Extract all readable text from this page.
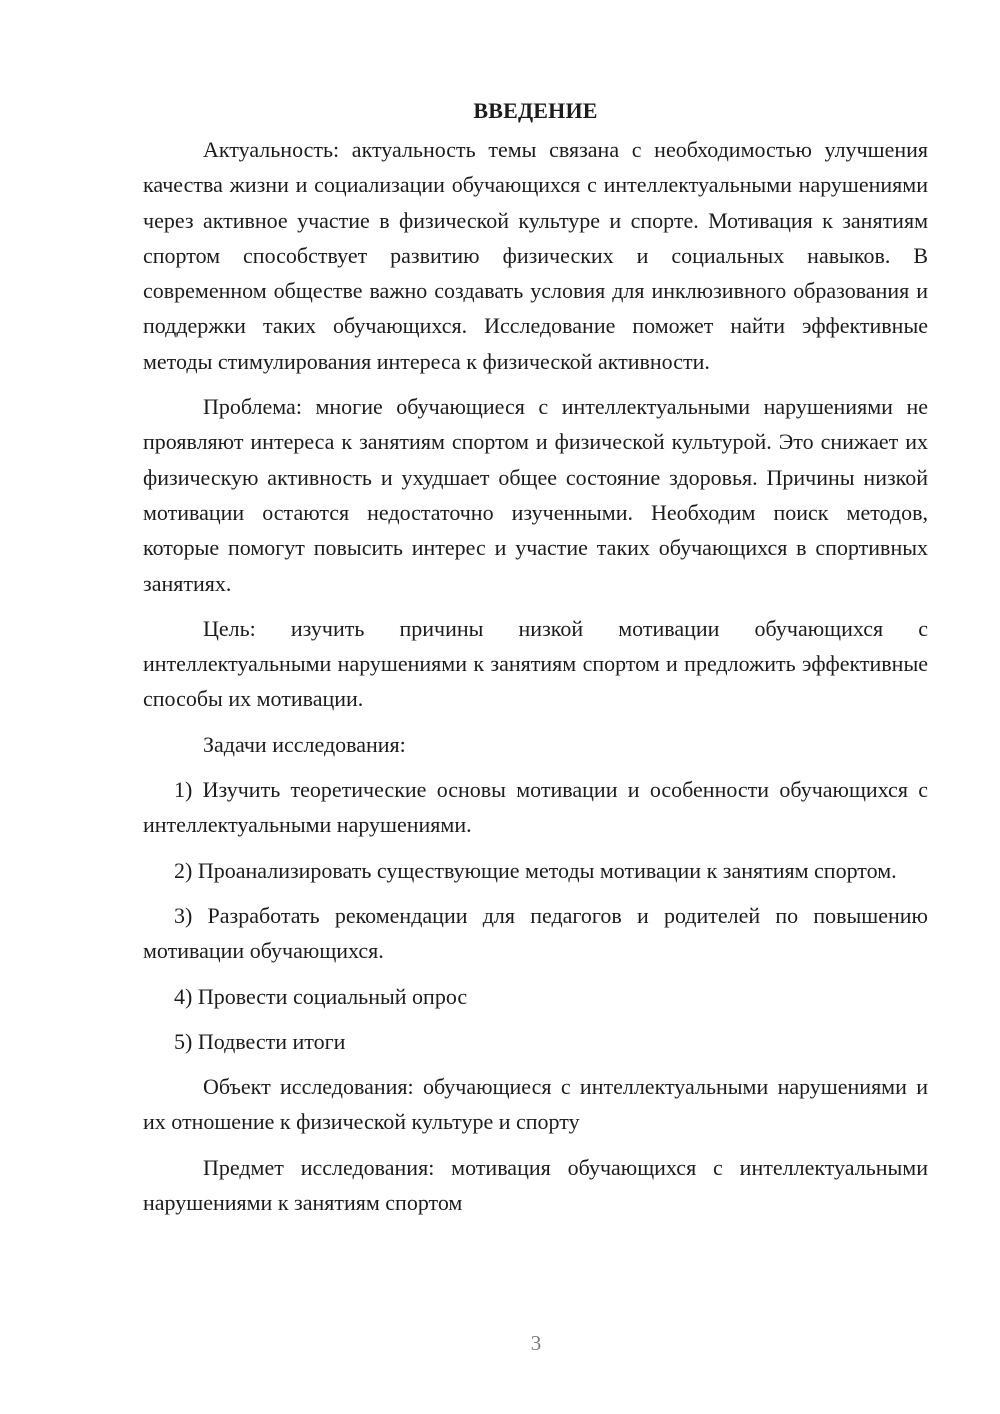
ВВЕДЕНИЕ

Актуальность: актуальность темы связана с необходимостью улучшения качества жизни и социализации обучающихся с интеллектуальными нарушениями через активное участие в физической культуре и спорте. Мотивация к занятиям спортом способствует развитию физических и социальных навыков. В современном обществе важно создавать условия для инклюзивного образования и поддержки таких обучающихся. Исследование поможет найти эффективные методы стимулирования интереса к физической активности.

Проблема: многие обучающиеся с интеллектуальными нарушениями не проявляют интереса к занятиям спортом и физической культурой. Это снижает их физическую активность и ухудшает общее состояние здоровья. Причины низкой мотивации остаются недостаточно изученными. Необходим поиск методов, которые помогут повысить интерес и участие таких обучающихся в спортивных занятиях.

Цель: изучить причины низкой мотивации обучающихся с интеллектуальными нарушениями к занятиям спортом и предложить эффективные способы их мотивации.

Задачи исследования:

1) Изучить теоретические основы мотивации и особенности обучающихся с интеллектуальными нарушениями.

2) Проанализировать существующие методы мотивации к занятиям спортом.

3) Разработать рекомендации для педагогов и родителей по повышению мотивации обучающихся.

4) Провести социальный опрос

5) Подвести итоги

Объект исследования: обучающиеся с интеллектуальными нарушениями и их отношение к физической культуре и спорту

Предмет исследования: мотивация обучающихся с интеллектуальными нарушениями к занятиям спортом

3
